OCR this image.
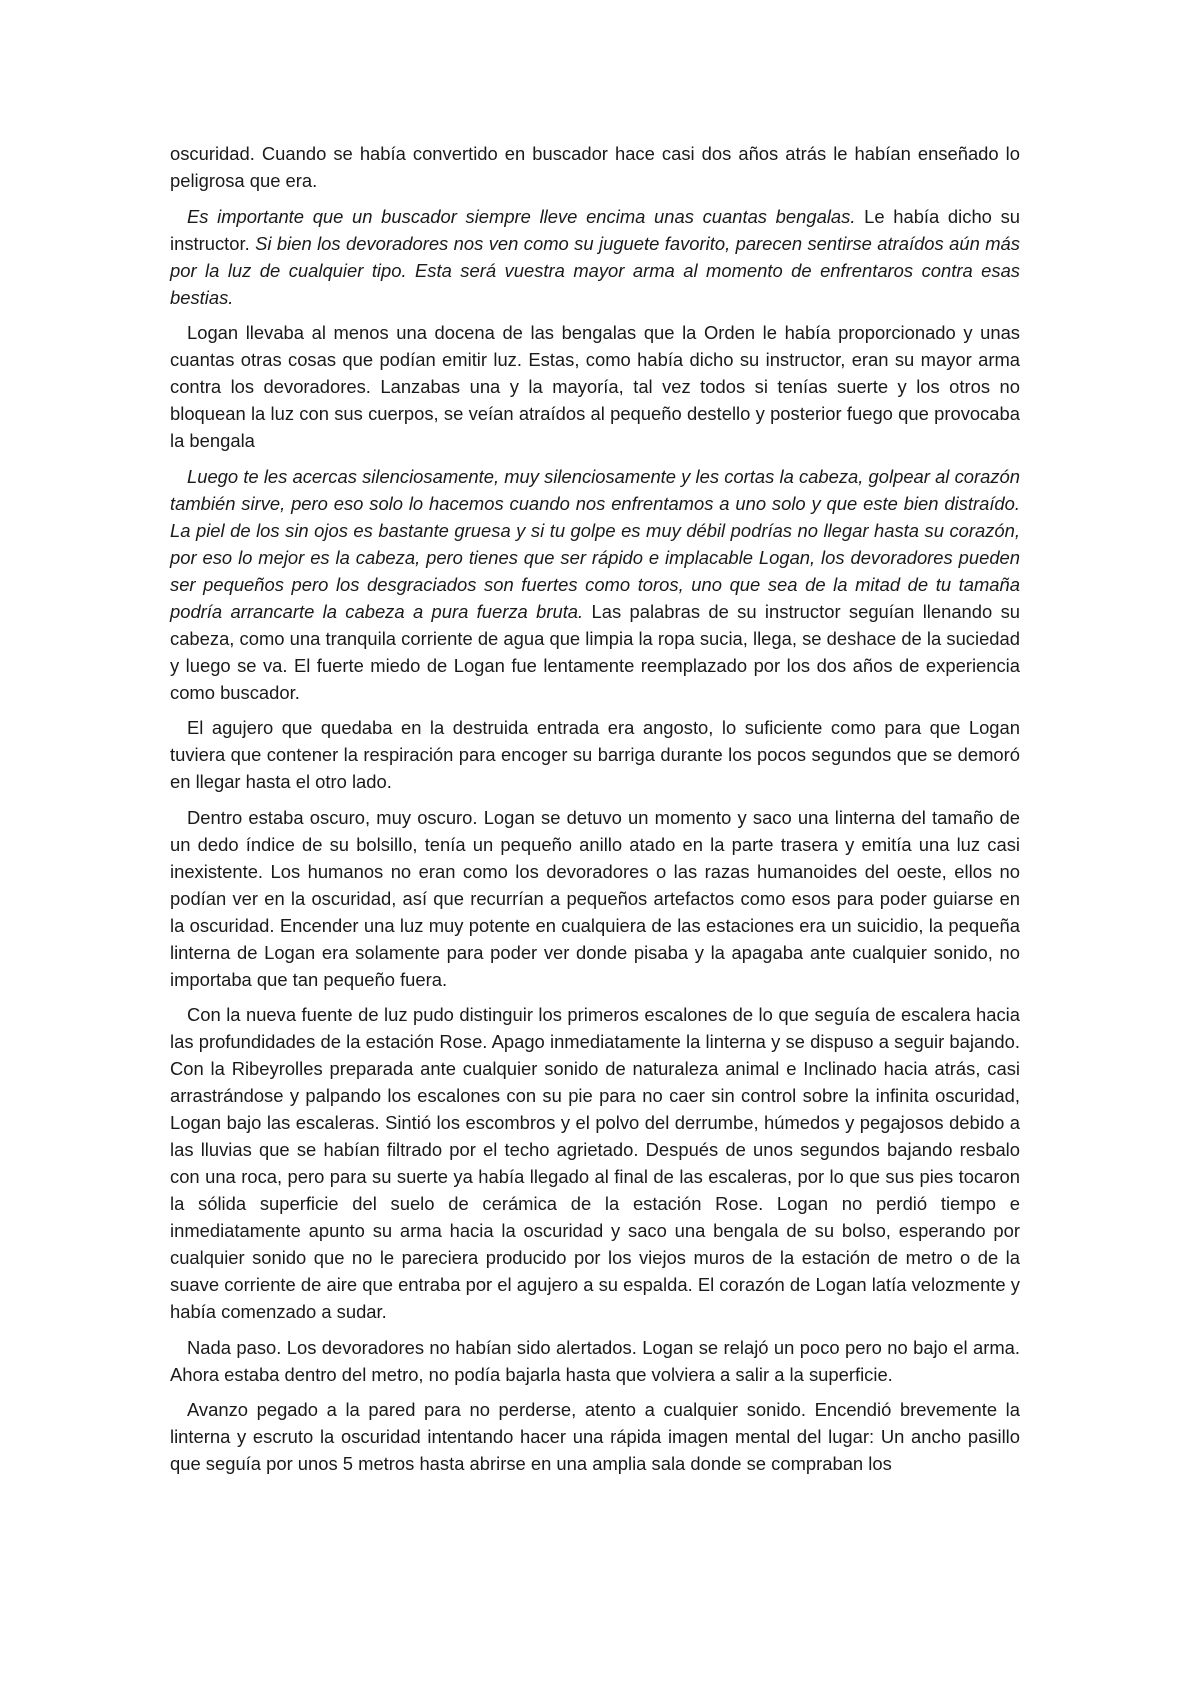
oscuridad. Cuando se había convertido en buscador hace casi dos años atrás le habían enseñado lo peligrosa que era.

Es importante que un buscador siempre lleve encima unas cuantas bengalas. Le había dicho su instructor. Si bien los devoradores nos ven como su juguete favorito, parecen sentirse atraídos aún más por la luz de cualquier tipo. Esta será vuestra mayor arma al momento de enfrentaros contra esas bestias.

Logan llevaba al menos una docena de las bengalas que la Orden le había proporcionado y unas cuantas otras cosas que podían emitir luz. Estas, como había dicho su instructor, eran su mayor arma contra los devoradores. Lanzabas una y la mayoría, tal vez todos si tenías suerte y los otros no bloquean la luz con sus cuerpos, se veían atraídos al pequeño destello y posterior fuego que provocaba la bengala

Luego te les acercas silenciosamente, muy silenciosamente y les cortas la cabeza, golpear al corazón también sirve, pero eso solo lo hacemos cuando nos enfrentamos a uno solo y que este bien distraído. La piel de los sin ojos es bastante gruesa y si tu golpe es muy débil podrías no llegar hasta su corazón, por eso lo mejor es la cabeza, pero tienes que ser rápido e implacable Logan, los devoradores pueden ser pequeños pero los desgraciados son fuertes como toros, uno que sea de la mitad de tu tamaña podría arrancarte la cabeza a pura fuerza bruta. Las palabras de su instructor seguían llenando su cabeza, como una tranquila corriente de agua que limpia la ropa sucia, llega, se deshace de la suciedad y luego se va. El fuerte miedo de Logan fue lentamente reemplazado por los dos años de experiencia como buscador.

El agujero que quedaba en la destruida entrada era angosto, lo suficiente como para que Logan tuviera que contener la respiración para encoger su barriga durante los pocos segundos que se demoró en llegar hasta el otro lado.

Dentro estaba oscuro, muy oscuro. Logan se detuvo un momento y saco una linterna del tamaño de un dedo índice de su bolsillo, tenía un pequeño anillo atado en la parte trasera y emitía una luz casi inexistente. Los humanos no eran como los devoradores o las razas humanoides del oeste, ellos no podían ver en la oscuridad, así que recurrían a pequeños artefactos como esos para poder guiarse en la oscuridad. Encender una luz muy potente en cualquiera de las estaciones era un suicidio, la pequeña linterna de Logan era solamente para poder ver donde pisaba y la apagaba ante cualquier sonido, no importaba que tan pequeño fuera.

Con la nueva fuente de luz pudo distinguir los primeros escalones de lo que seguía de escalera hacia las profundidades de la estación Rose. Apago inmediatamente la linterna y se dispuso a seguir bajando. Con la Ribeyrolles preparada ante cualquier sonido de naturaleza animal e Inclinado hacia atrás, casi arrastrándose y palpando los escalones con su pie para no caer sin control sobre la infinita oscuridad, Logan bajo las escaleras. Sintió los escombros y el polvo del derrumbe, húmedos y pegajosos debido a las lluvias que se habían filtrado por el techo agrietado. Después de unos segundos bajando resbalo con una roca, pero para su suerte ya había llegado al final de las escaleras, por lo que sus pies tocaron la sólida superficie del suelo de cerámica de la estación Rose. Logan no perdió tiempo e inmediatamente apunto su arma hacia la oscuridad y saco una bengala de su bolso, esperando por cualquier sonido que no le pareciera producido por los viejos muros de la estación de metro o de la suave corriente de aire que entraba por el agujero a su espalda. El corazón de Logan latía velozmente y había comenzado a sudar.

Nada paso. Los devoradores no habían sido alertados. Logan se relajó un poco pero no bajo el arma. Ahora estaba dentro del metro, no podía bajarla hasta que volviera a salir a la superficie.

Avanzo pegado a la pared para no perderse, atento a cualquier sonido. Encendió brevemente la linterna y escruto la oscuridad intentando hacer una rápida imagen mental del lugar: Un ancho pasillo que seguía por unos 5 metros hasta abrirse en una amplia sala donde se compraban los
